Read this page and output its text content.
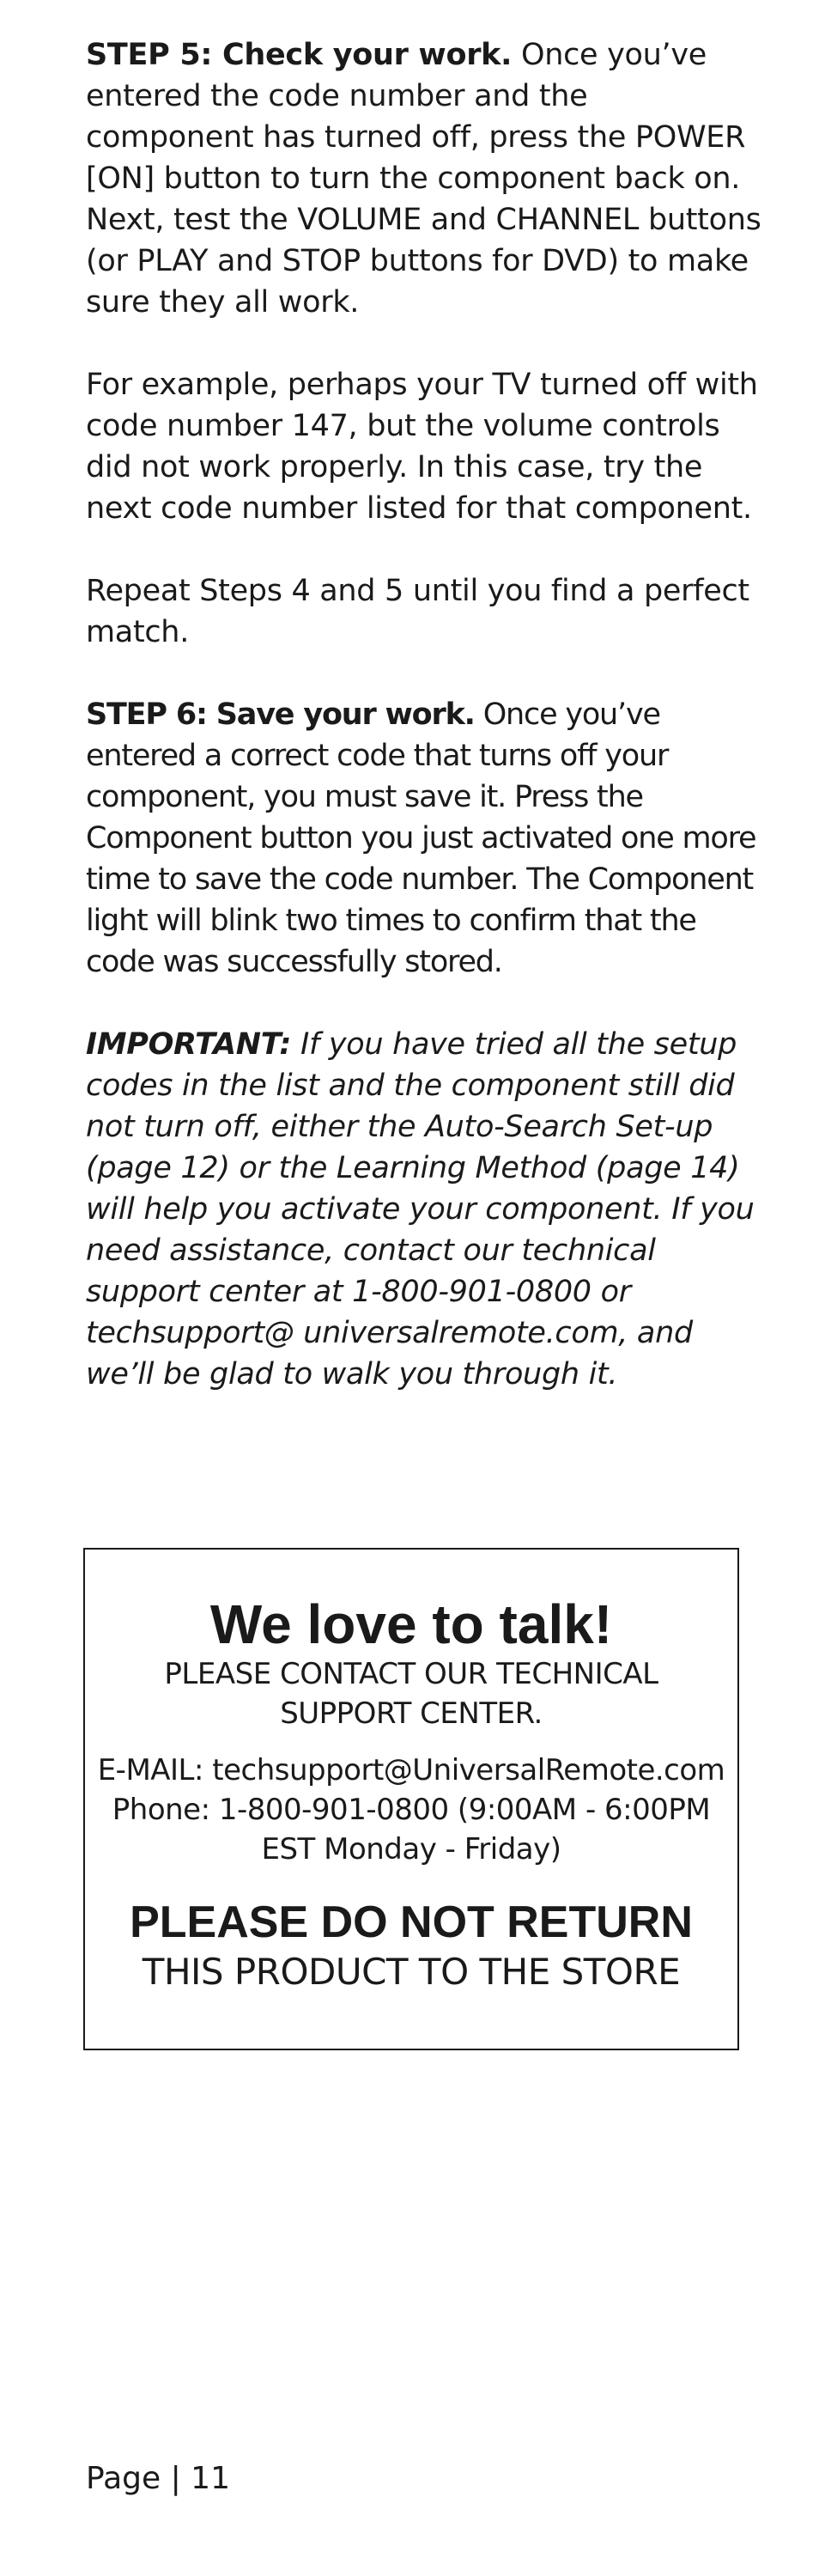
STEP 5: Check your work. Once you’ve entered the code number and the component has turned off, press the POWER [ON] button to turn the component back on.

Next, test the VOLUME and CHANNEL buttons (or PLAY and STOP buttons for DVD) to make sure they all work.

For example, perhaps your TV turned off with code number 147, but the volume controls did not work properly. In this case, try the next code number listed for that component.

Repeat Steps 4 and 5 until you find a perfect match.

STEP 6: Save your work. Once you’ve entered a correct code that turns off your component, you must save it. Press the Component button you just activated one more time to save the code number. The Component light will blink two times to confirm that the code was successfully stored.

IMPORTANT: If you have tried all the setup codes in the list and the component still did not turn off, either the Auto-Search Set-up (page 12) or the Learning Method (page 14) will help you activate your component. If you need assistance, contact our technical support center at 1-800-901-0800 or techsupport@ universalremote.com, and we’ll be glad to walk you through it.

We love to talk!
PLEASE CONTACT OUR TECHNICAL
SUPPORT CENTER.
E-MAIL: techsupport@UniversalRemote.com
Phone: 1-800-901-0800 (9:00AM - 6:00PM
EST Monday - Friday)
PLEASE DO NOT RETURN
THIS PRODUCT TO THE STORE
Page | 11
